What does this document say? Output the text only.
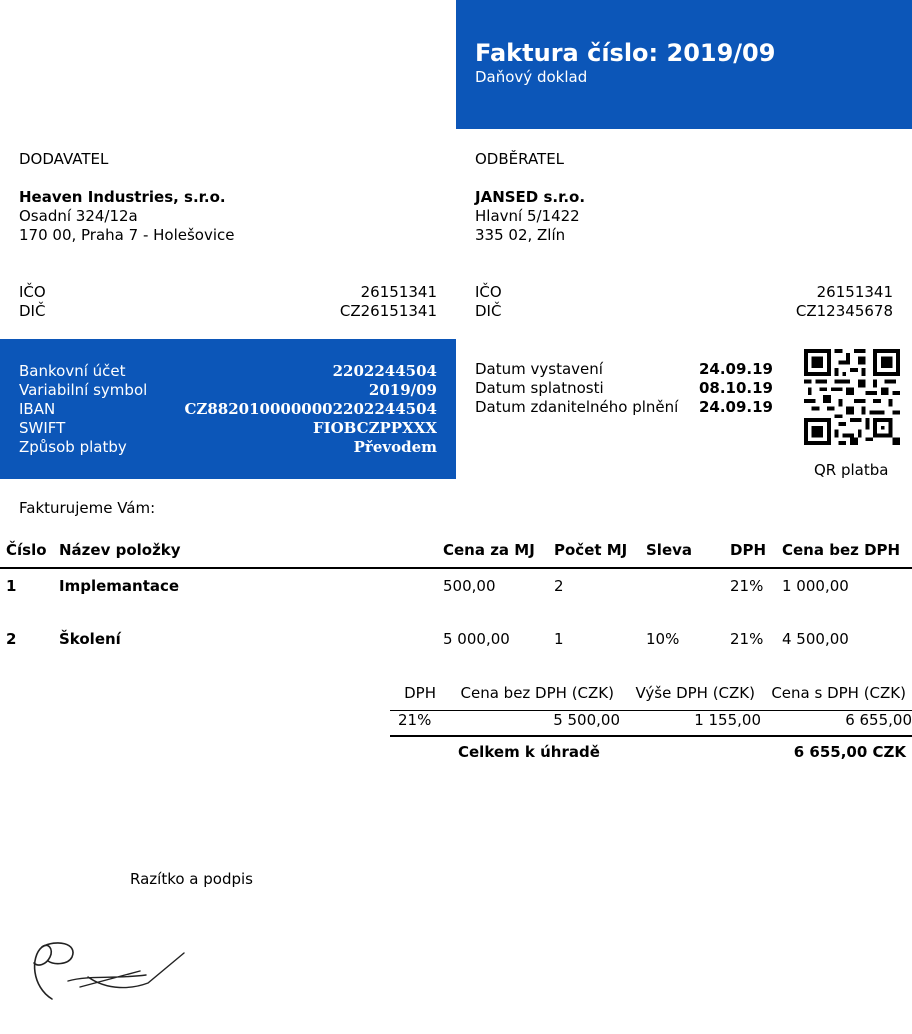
Faktura číslo: 2019/09
Daňový doklad
DODAVATEL
Heaven Industries, s.r.o.
Osadní 324/12a
170 00, Praha 7 - Holešovice
IČO	26151341
DIČ	CZ26151341
ODBĚRATEL
JANSED s.r.o.
Hlavní 5/1422
335 02, Zlín
IČO	26151341
DIČ	CZ12345678
Bankovní účet	2202244504
Variabilní symbol	2019/09
IBAN	CZ8820100000002202244504
SWIFT	FIOBCZPPXXX
Způsob platby	Převodem
Datum vystavení	24.09.19
Datum splatnosti	08.10.19
Datum zdanitelného plnění 24.09.19
QR platba
Fakturujeme Vám:
Číslo	Název položky	Cena za MJ	Počet MJ	Sleva	DPH	Cena bez DPH
1	Implemantace	500,00	2		21%	1 000,00
2	Školení	5 000,00	1	10%	21%	4 500,00
DPH	Cena bez DPH (CZK)	Výše DPH (CZK)	Cena s DPH (CZK)
21%	5 500,00	1 155,00	6 655,00
	Celkem k úhradě		6 655,00 CZK
Razítko a podpis
